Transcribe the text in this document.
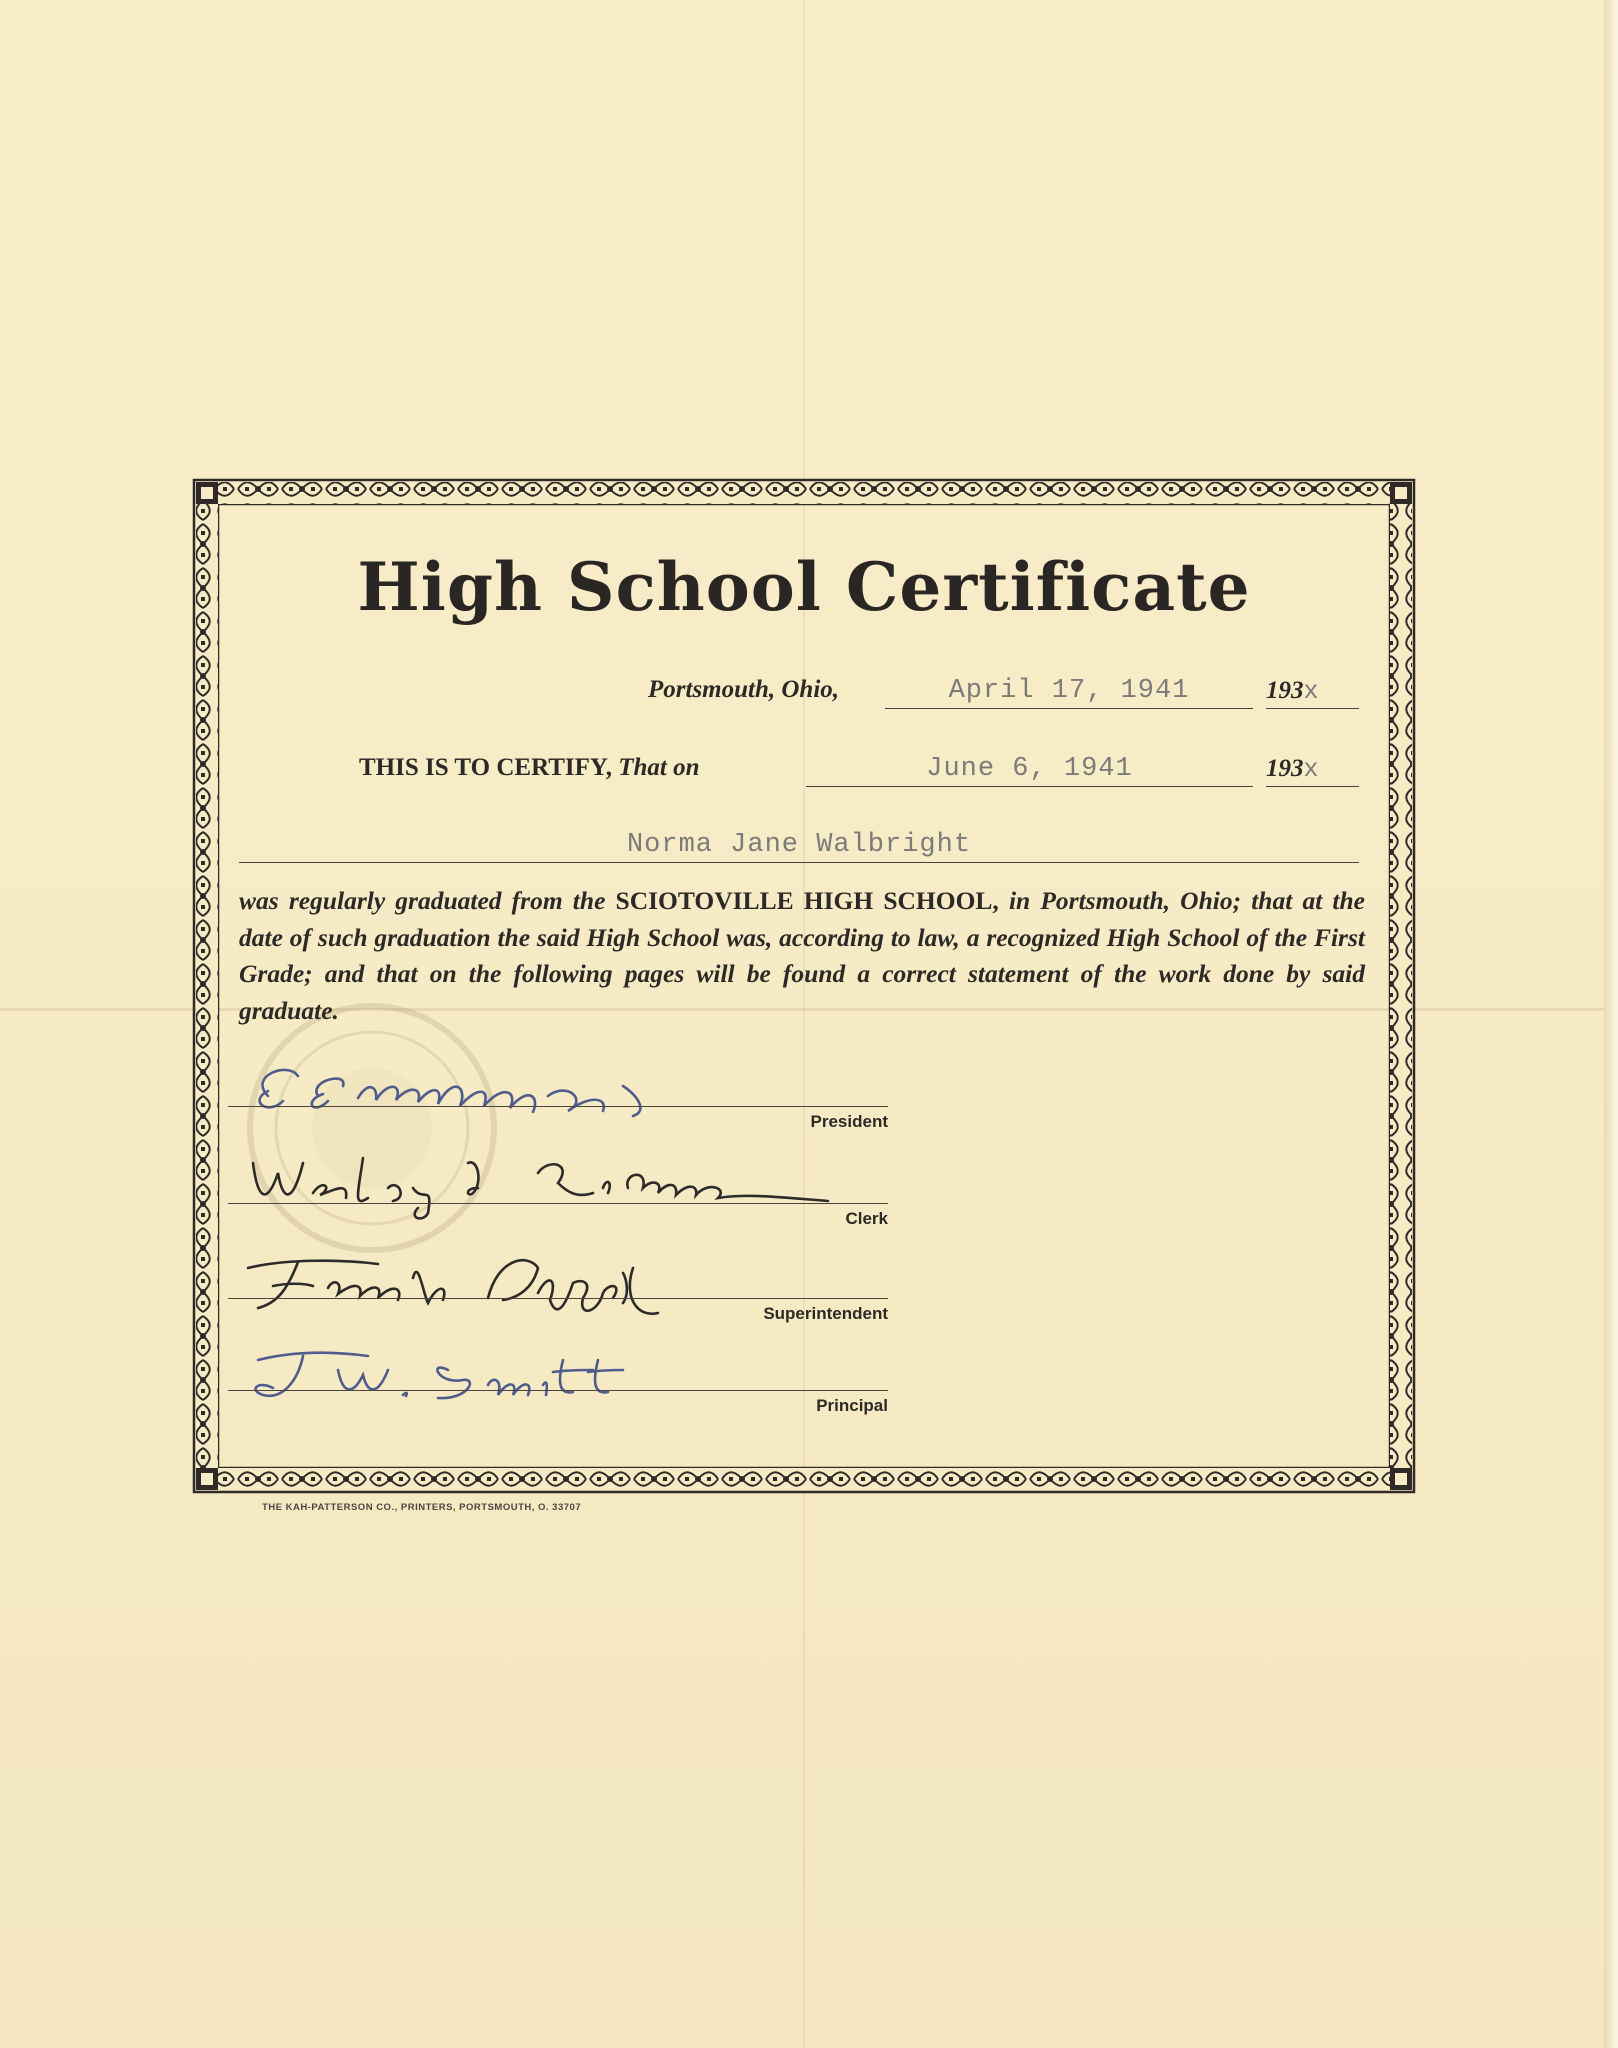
High School Certificate
Portsmouth, Ohio,	April 17, 1941	193x
THIS IS TO CERTIFY, That on	June 6, 1941	193x
Norma Jane Walbright
was regularly graduated from the SCIOTOVILLE HIGH SCHOOL, in Portsmouth, Ohio; that at the date of such graduation the said High School was, according to law, a recognized High School of the First Grade; and that on the following pages will be found a correct statement of the work done by said graduate.
President
Clerk
Superintendent
Principal
THE KAH-PATTERSON CO., PRINTERS, PORTSMOUTH, O. 33707
